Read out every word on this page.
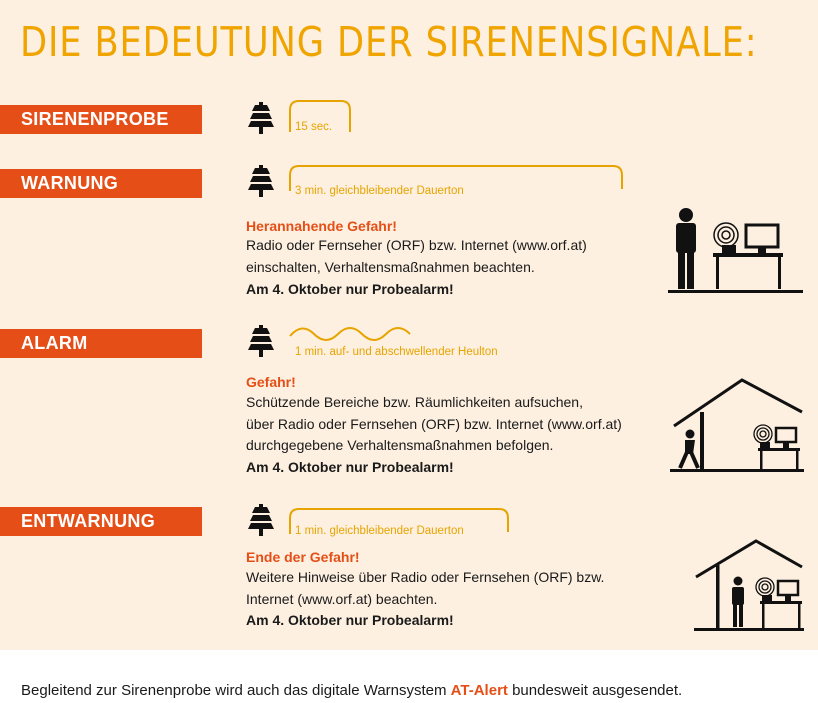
DIE BEDEUTUNG DER SIRENENSIGNALE:
SIRENENPROBE	15 sec.
WARNUNG	3 min. gleichbleibender Dauerton
Herannahende Gefahr!
Radio oder Fernseher (ORF) bzw. Internet (www.orf.at)
einschalten, Verhaltensmaßnahmen beachten.
Am 4. Oktober nur Probealarm!
ALARM	1 min. auf- und abschwellender Heulton
Gefahr!
Schützende Bereiche bzw. Räumlichkeiten aufsuchen,
über Radio oder Fernsehen (ORF) bzw. Internet (www.orf.at)
durchgegebene Verhaltensmaßnahmen befolgen.
Am 4. Oktober nur Probealarm!
ENTWARNUNG	1 min. gleichbleibender Dauerton
Ende der Gefahr!
Weitere Hinweise über Radio oder Fernsehen (ORF) bzw.
Internet (www.orf.at) beachten.
Am 4. Oktober nur Probealarm!
Begleitend zur Sirenenprobe wird auch das digitale Warnsystem AT-Alert bundesweit ausgesendet.
